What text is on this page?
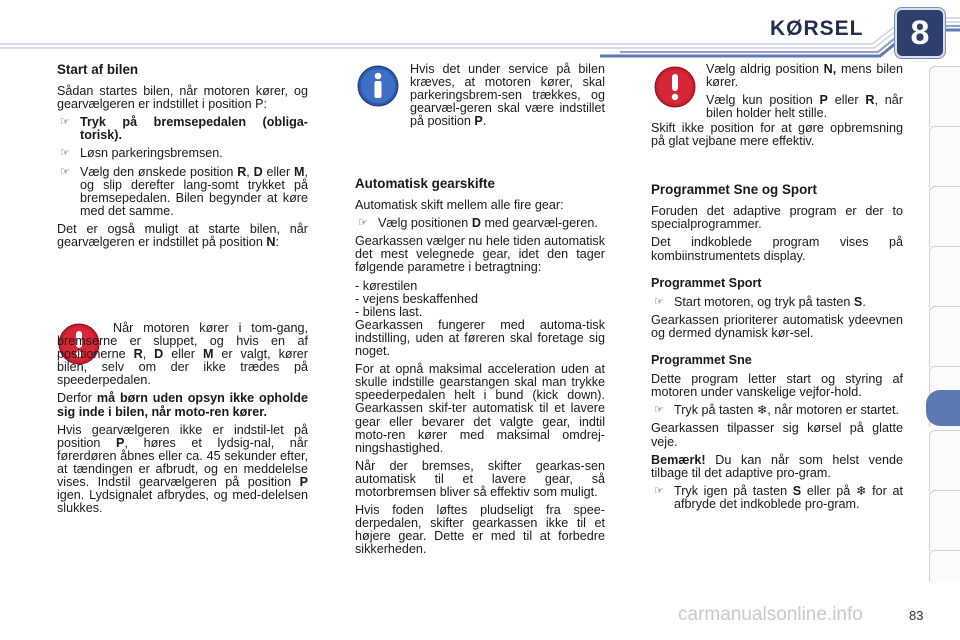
KØRSEL	8
Start af bilen

Sådan startes bilen, når motoren kører, og gearvælgeren er indstillet i position P:

☞ Tryk på bremsepedalen (obliga-torisk).
☞ Løsn parkeringsbremsen.
☞ Vælg den ønskede position R, D eller M, og slip derefter lang-somt trykket på bremsepedalen. Bilen begynder at køre med det samme.

Det er også muligt at starte bilen, når gearvælgeren er indstillet på position N:

Når motoren kører i tom-gang, bremserne er sluppet, og hvis en af positionerne R, D eller M er valgt, kører bilen, selv om der ikke trædes på speederpedalen.

Derfor må børn uden opsyn ikke ophold​e sig inde i bilen, når moto-ren kører.

Hvis gearvælgeren ikke er indstil-let på position P, høres et lydsig-nal, når førerdøren åbnes eller ca. 45 sekunder efter, at tændingen er afbrudt, og en meddelelse vises. Indstil gearvælgeren på position P igen. Lydsignalet afbrydes, og med-delelsen slukkes.

Hvis det under service på bilen kræves, at motoren kører, skal parkeringsbrem-sen trækkes, og gearvæl-geren skal være indstillet på position P.

Automatisk gearskifte

Automatisk skift mellem alle fire gear:

☞ Vælg positionen D med gearvæl-geren.

Gearkassen vælger nu hele tiden automatisk det mest velegnede gear, idet den tager følgende parametre i betragtning:

- kørestilen
- vejens beskaffenhed
- bilens last.

Gearkassen fungerer med automa-tisk indstilling, uden at føreren skal foretage sig noget.

For at opnå maksimal acceleration uden at skulle indstille gearstangen skal man trykke speederpedalen helt i bund (kick down). Gearkassen skif-ter automatisk til et lavere gear eller bevarer det valgte gear, indtil moto-ren kører med maksimal omdrej-ningshastighed.

Når der bremses, skifter gearkas-sen automatisk til et lavere gear, så motorbremsen bliver så effektiv som muligt.

Hvis foden løftes pludseligt fra spee-derpedalen, skifter gearkassen ikke til et højere gear. Dette er med til at forbedre sikkerheden.

Vælg aldrig position N, mens bilen kører.

Vælg kun position P eller R, når bilen holder helt stille.

Skift ikke position for at gøre opbremsning på glat vejbane mere effektiv.

Programmet Sne og Sport

Foruden det adaptive program er der to specialprogrammer.

Det indkoblede program vises på kombiinstrumentets display.

Programmet Sport
☞ Start motoren, og tryk på tasten S.

Gearkassen prioriterer automatisk ydeevnen og dermed dynamisk kør-sel.

Programmet Sne

Dette program letter start og styring af motoren under vanskelige vejfor-hold.

☞ Tryk på tasten ❄, når motoren er startet.

Gearkassen tilpasser sig kørsel på glatte veje.

Bemærk! Du kan når som helst vende tilbage til det adaptive pro-gram.

☞ Tryk igen på tasten S eller på ❄ for at afbryde det indkoblede pro-gram.
carmanualsonline.info	83
